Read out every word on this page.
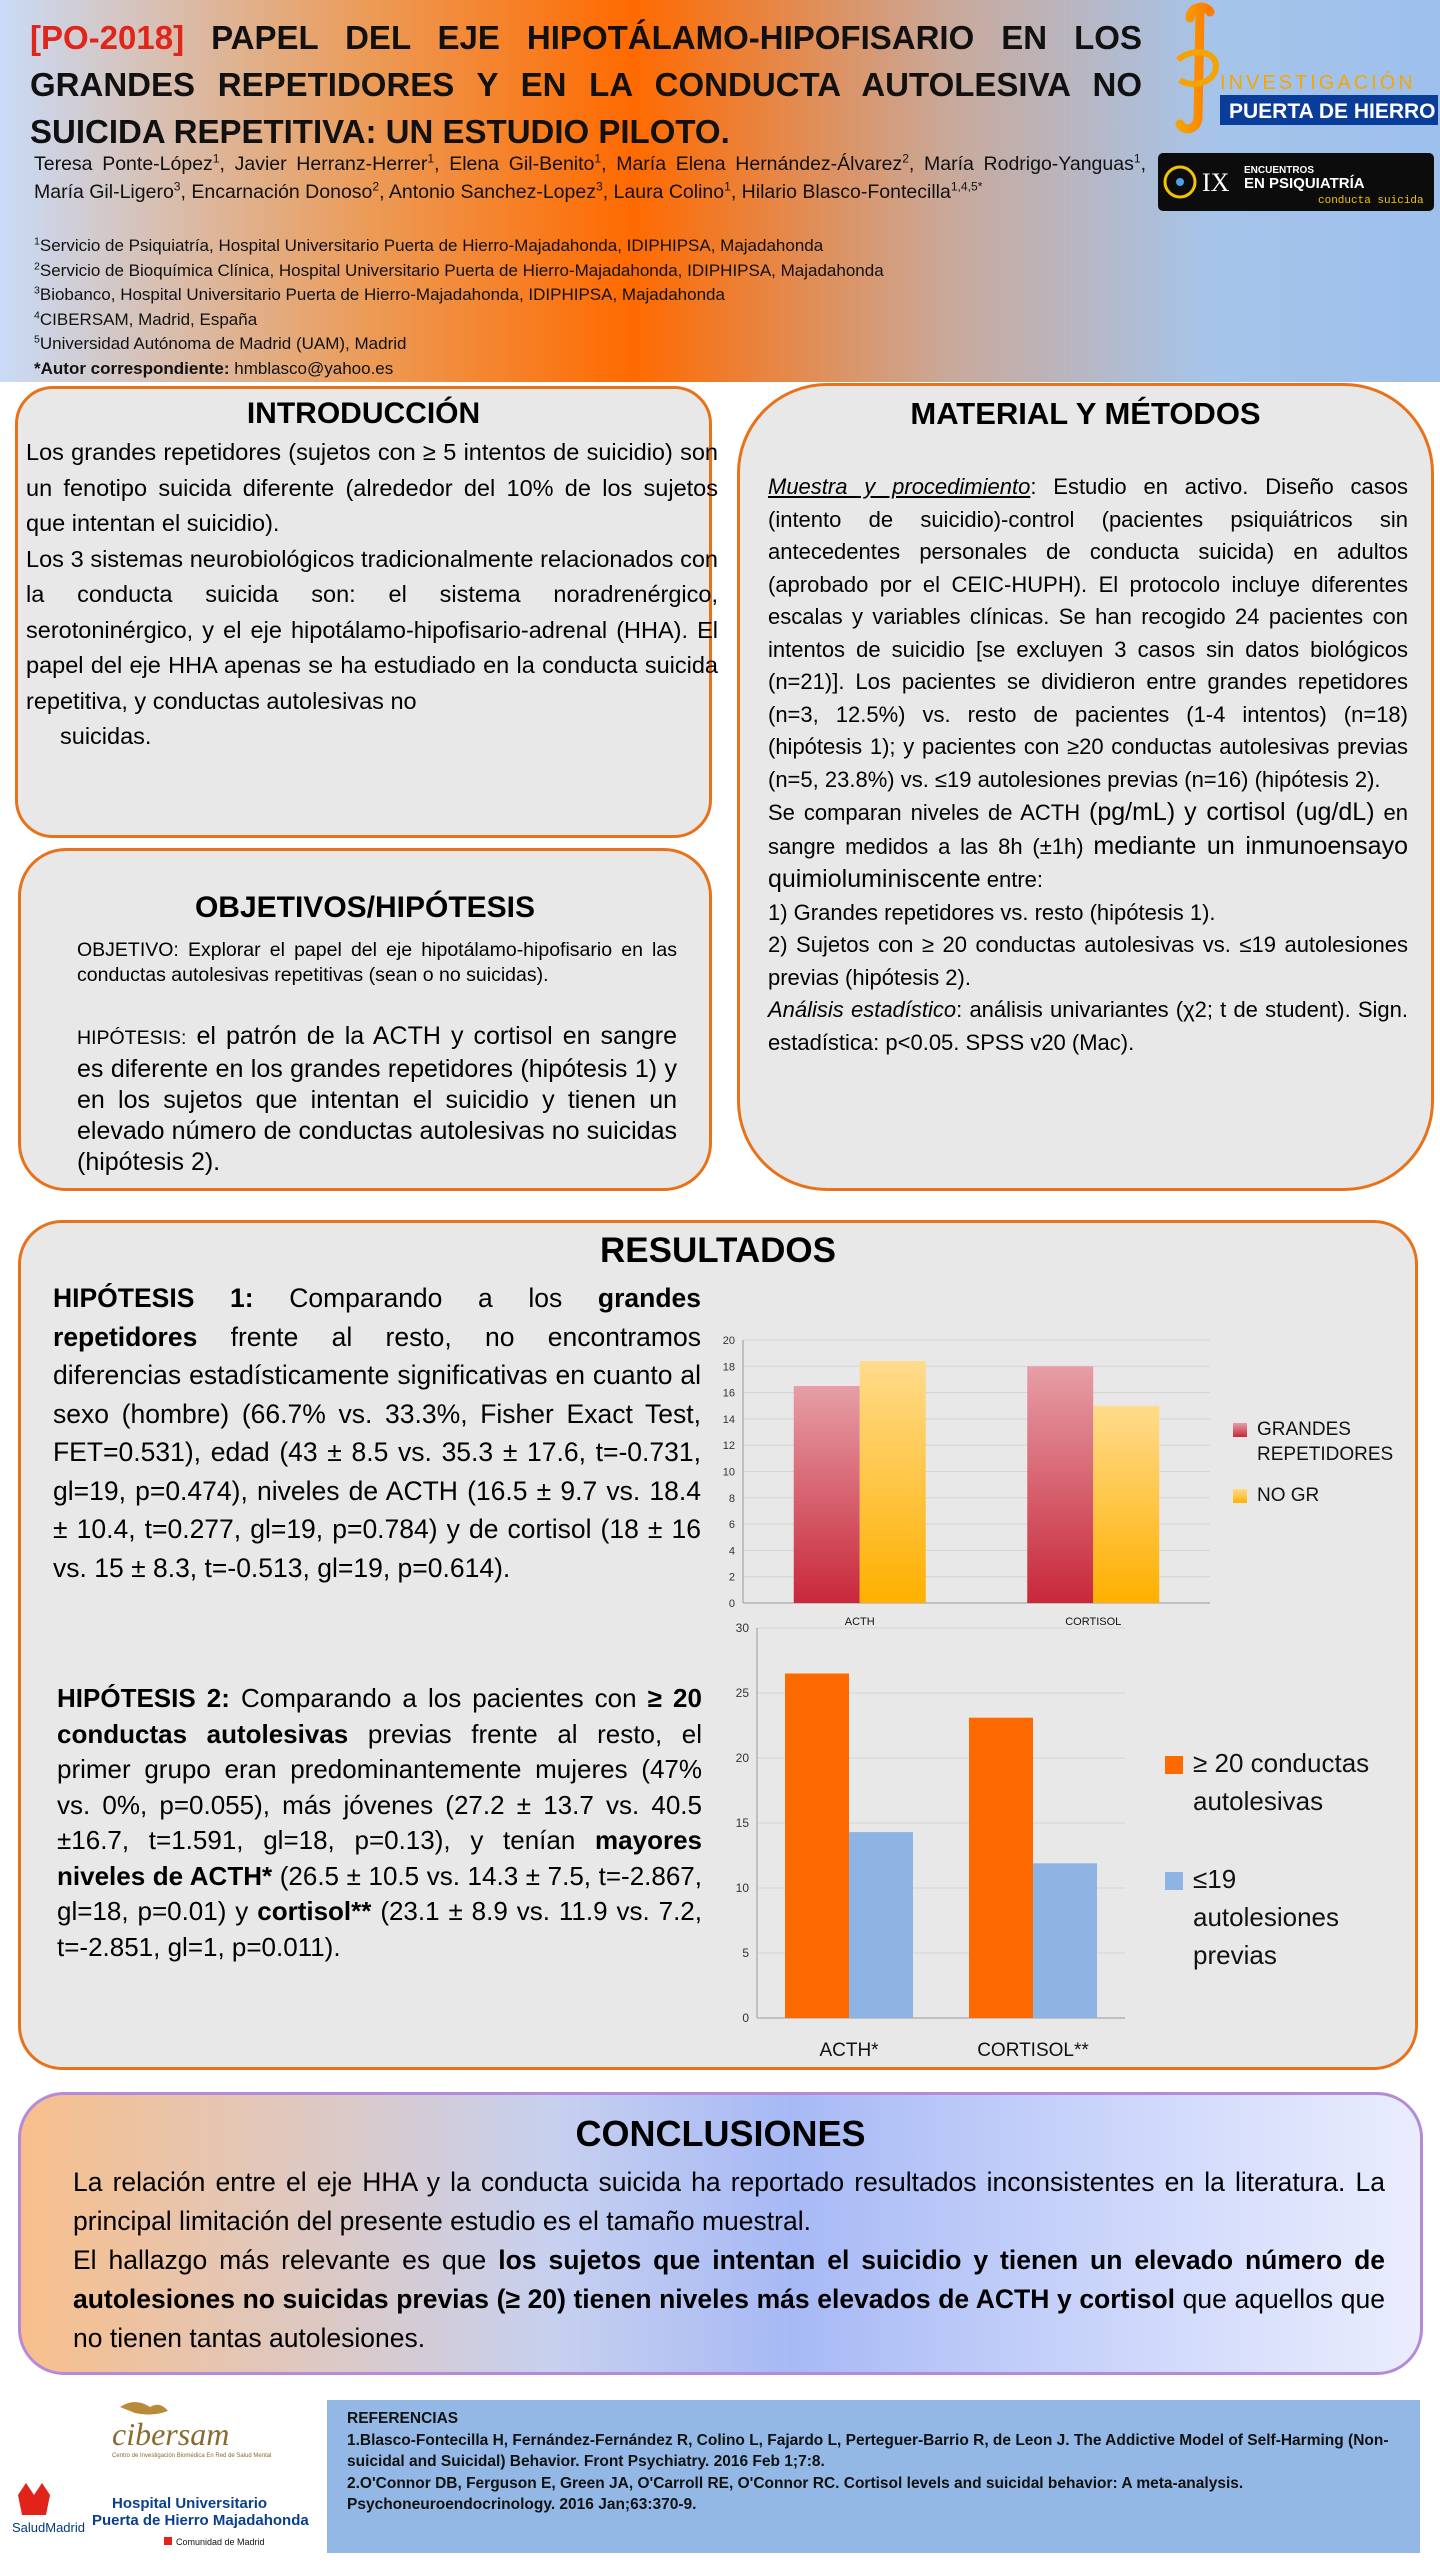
[PO-2018] PAPEL DEL EJE HIPOTÁLAMO-HIPOFISARIO EN LOS GRANDES REPETIDORES Y EN LA CONDUCTA AUTOLESIVA NO SUICIDA REPETITIVA: UN ESTUDIO PILOTO.
Teresa Ponte-López$^1$, Javier Herranz-Herrer$^1$, Elena Gil-Benito$^1$, María Elena Hernández-Álvarez$^2$, María Rodrigo-Yanguas$^1$, María Gil-Ligero$^3$, Encarnación Donoso$^2$, Antonio Sanchez-Lopez$^3$, Laura Colino$^1$, Hilario Blasco-Fontecilla$^{1,4,5*}$
$^1$Servicio de Psiquiatría, Hospital Universitario Puerta de Hierro-Majadahonda, IDIPHIPSA, Majadahonda
$^2$Servicio de Bioquímica Clínica, Hospital Universitario Puerta de Hierro-Majadahonda, IDIPHIPSA, Majadahonda
$^3$Biobanco, Hospital Universitario Puerta de Hierro-Majadahonda, IDIPHIPSA, Majadahonda
$^4$CIBERSAM, Madrid, España
$^5$Universidad Autónoma de Madrid (UAM), Madrid
*Autor correspondiente: hmblasco@yahoo.es
INVESTIGACIÓN
PUERTA DE HIERRO
IX ENCUENTROS
EN PSIQUIATRÍA
conducta suicida
INTRODUCCIÓN

Los grandes repetidores (sujetos con ≥ 5 intentos de suicidio) son un fenotipo suicida diferente (alrededor del 10% de los sujetos que intentan el suicidio).

Los 3 sistemas neurobiológicos tradicionalmente relacionados con la conducta suicida son: el sistema noradrenérgico, serotoninérgico, y el eje hipotálamo-hipofisario-adrenal (HHA). El papel del eje HHA apenas se ha estudiado en la conducta suicida repetitiva, y conductas autolesivas no

suicidas.

OBJETIVOS/HIPÓTESIS

OBJETIVO: Explorar el papel del eje hipotálamo-hipofisario en las conductas autolesivas repetitivas (sean o no suicidas).

HIPÓTESIS: el patrón de la ACTH y cortisol en sangre es diferente en los grandes repetidores (hipótesis 1) y en los sujetos que intentan el suicidio y tienen un elevado número de conductas autolesivas no suicidas (hipótesis 2).
MATERIAL Y MÉTODOS

Muestra y procedimiento: Estudio en activo. Diseño casos (intento de suicidio)-control (pacientes psiquiátricos sin antecedentes personales de conducta suicida) en adultos (aprobado por el CEIC-HUPH). El protocolo incluye diferentes escalas y variables clínicas. Se han recogido 24 pacientes con intentos de suicidio [se excluyen 3 casos sin datos biológicos (n=21)]. Los pacientes se dividieron entre grandes repetidores (n=3, 12.5%) vs. resto de pacientes (1-4 intentos) (n=18) (hipótesis 1); y pacientes con ≥20 conductas autolesivas previas (n=5, 23.8%) vs. ≤19 autolesiones previas (n=16) (hipótesis 2).

Se comparan niveles de ACTH (pg/mL) y cortisol (ug/dL) en sangre medidos a las 8h (±1h) mediante un inmunoensayo quimioluminiscente entre:

1) Grandes repetidores vs. resto (hipótesis 1).

2) Sujetos con ≥ 20 conductas autolesivas vs. ≤19 autolesiones previas (hipótesis 2).

Análisis estadístico: análisis univariantes (χ2; t de student). Sign. estadística: p<0.05. SPSS v20 (Mac).

RESULTADOS
HIPÓTESIS 1: Comparando a los grandes repetidores frente al resto, no encontramos diferencias estadísticamente significativas en cuanto al sexo (hombre) (66.7% vs. 33.3%, Fisher Exact Test, FET=0.531), edad (43 ± 8.5 vs. 35.3 ± 17.6, t=-0.731, gl=19, p=0.474), niveles de ACTH (16.5 ± 9.7 vs. 18.4 ± 10.4, t=0.277, gl=19, p=0.784) y de cortisol (18 ± 16 vs. 15 ± 8.3, t=-0.513, gl=19, p=0.614).
HIPÓTESIS 2: Comparando a los pacientes con ≥ 20 conductas autolesivas previas frente al resto, el primer grupo eran predominantemente mujeres (47% vs. 0%, p=0.055), más jóvenes (27.2 ± 13.7 vs. 40.5 ±16.7, t=1.591, gl=18, p=0.13), y tenían mayores niveles de ACTH* (26.5 ± 10.5 vs. 14.3 ± 7.5, t=-2.867, gl=18, p=0.01) y cortisol** (23.1 ± 8.9 vs. 11.9 vs. 7.2, t=-2.851, gl=1, p=0.011).
0
2
4
6
8
10
12
14
16
18
20
ACTH	CORTISOL
GRANDES REPETIDORES
NO GR
0
5
10
15
20
25
30
ACTH*	CORTISOL**
≥ 20 conductas autolesivas
≤19 autolesiones previas
CONCLUSIONES

La relación entre el eje HHA y la conducta suicida ha reportado resultados inconsistentes en la literatura. La principal limitación del presente estudio es el tamaño muestral.

El hallazgo más relevante es que los sujetos que intentan el suicidio y tienen un elevado número de autolesiones no suicidas previas (≥ 20) tienen niveles más elevados de ACTH y cortisol que aquellos que no tienen tantas autolesiones.

cibersam
Centro de Investigación Biomédica En Red de Salud Mental
SaludMadrid
Hospital Universitario
Puerta de Hierro Majadahonda
Comunidad de Madrid

REFERENCIAS

1.Blasco-Fontecilla H, Fernández-Fernández R, Colino L, Fajardo L, Perteguer-Barrio R, de Leon J. The Addictive Model of Self-Harming (Non-suicidal and Suicidal) Behavior. Front Psychiatry. 2016 Feb 1;7:8.

2.O'Connor DB, Ferguson E, Green JA, O'Carroll RE, O'Connor RC. Cortisol levels and suicidal behavior: A meta-analysis. Psychoneuroendocrinology. 2016 Jan;63:370-9.
